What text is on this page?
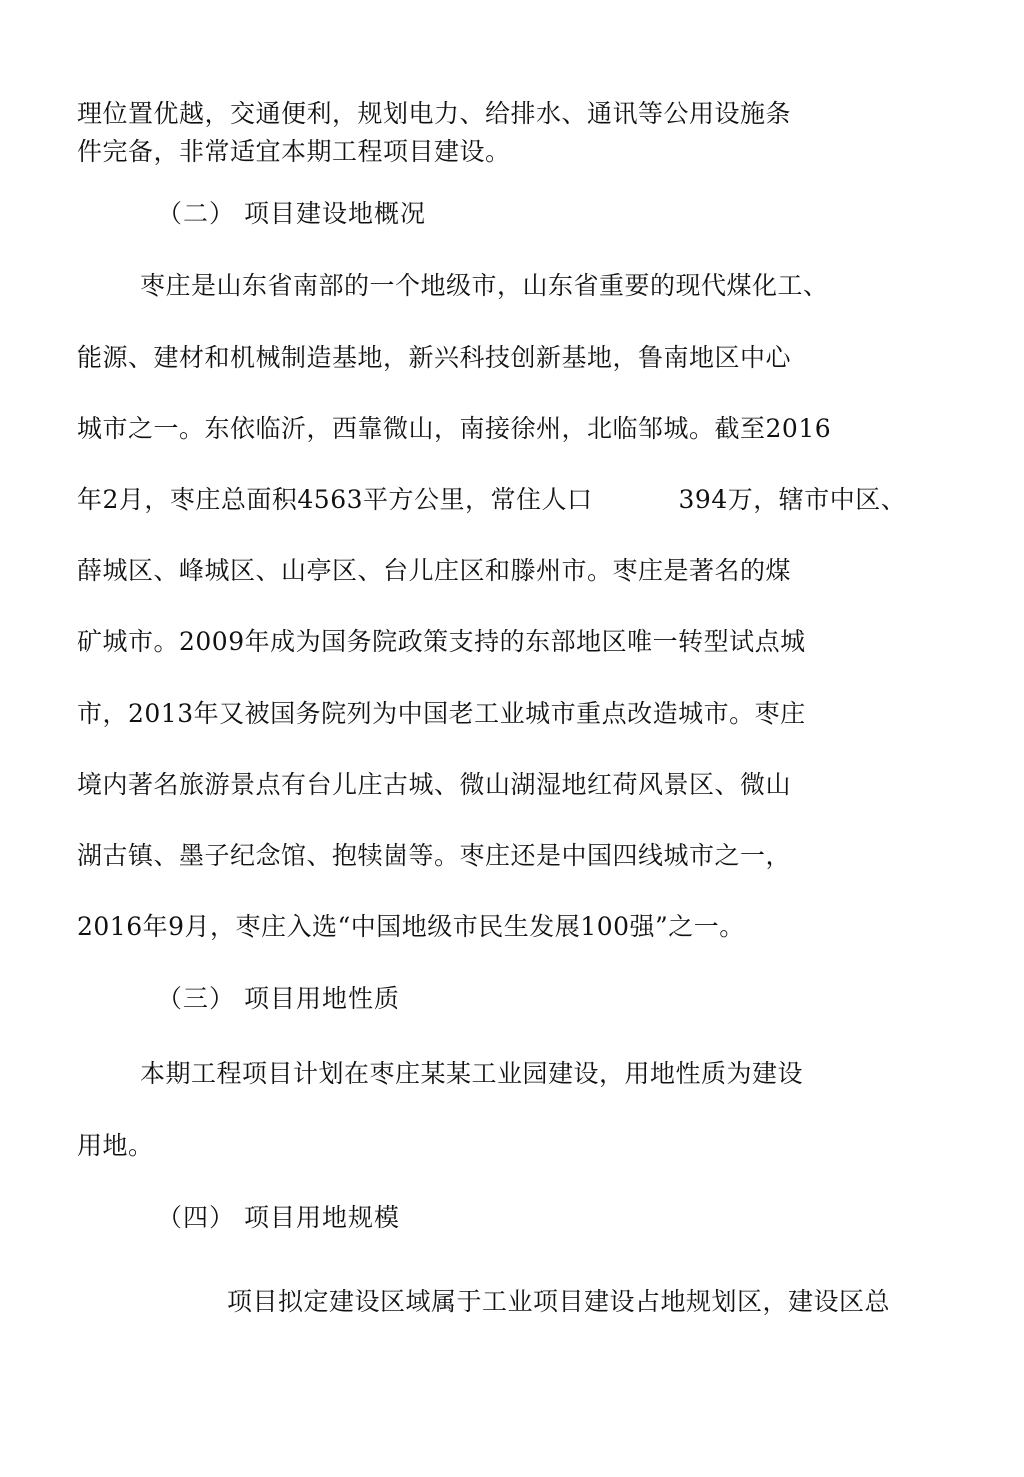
理位置优越，交通便利，规划电力、给排水、通讯等公用设施条
件完备，非常适宜本期工程项目建设。
（二） 项目建设地概况
枣庄是山东省南部的一个地级市，山东省重要的现代煤化工、
能源、建材和机械制造基地，新兴科技创新基地，鲁南地区中心
城市之一。东依临沂，西靠微山，南接徐州，北临邹城。截至2016
年2月，枣庄总面积4563平方公里，常住人口	394万，辖市中区、
薛城区、峰城区、山亭区、台儿庄区和滕州市。枣庄是著名的煤
矿城市。2009年成为国务院政策支持的东部地区唯一转型试点城
市，2013年又被国务院列为中国老工业城市重点改造城市。枣庄
境内著名旅游景点有台儿庄古城、微山湖湿地红荷风景区、微山
湖古镇、墨子纪念馆、抱犊崮等。枣庄还是中国四线城市之一，
2016年9月，枣庄入选“中国地级市民生发展100强”之一。
（三） 项目用地性质
本期工程项目计划在枣庄某某工业园建设，用地性质为建设
用地。
（四） 项目用地规模
项目拟定建设区域属于工业项目建设占地规划区，建设区总
